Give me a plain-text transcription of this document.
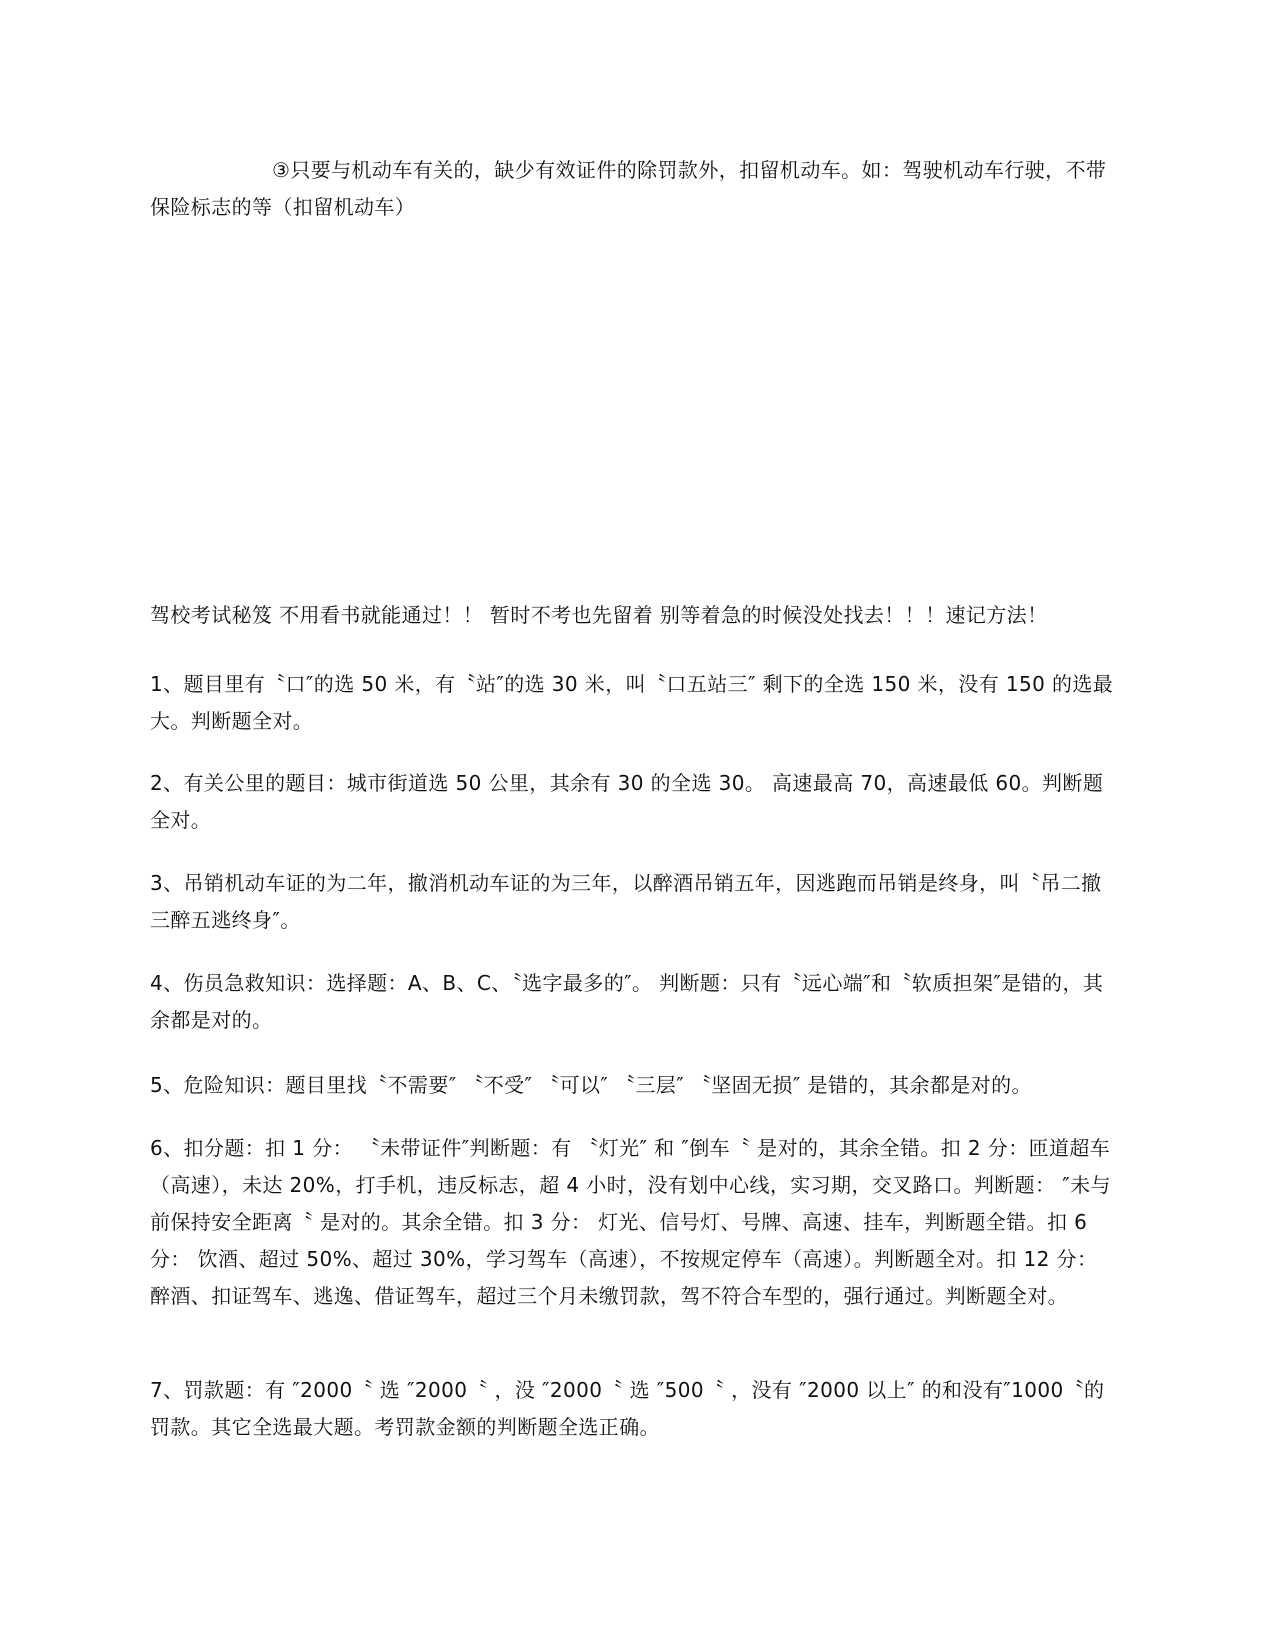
③只要与机动车有关的，缺少有效证件的除罚款外，扣留机动车。如：驾驶机动车行驶，不带保险标志的等（扣留机动车）

驾校考试秘笈 不用看书就能通过！！ 暂时不考也先留着 别等着急的时候没处找去！！！速记方法！

1、题目里有〝口″的选 50 米，有〝站″的选 30 米，叫〝口五站三″ 剩下的全选 150 米，没有 150 的选最大。判断题全对。

2、有关公里的题目：城市街道选 50 公里，其余有 30 的全选 30。 高速最高 70，高速最低 60。判断题全对。

3、吊销机动车证的为二年，撤消机动车证的为三年，以醉酒吊销五年，因逃跑而吊销是终身，叫〝吊二撤三醉五逃终身″。

4、伤员急救知识：选择题：A、B、C、〝选字最多的″。 判断题：只有〝远心端″和〝软质担架″是错的，其余都是对的。

5、危险知识：题目里找〝不需要″ 〝不受″ 〝可以″ 〝三层″ 〝坚固无损″ 是错的，其余都是对的。

6、扣分题：扣 1 分： 〝未带证件″判断题：有 〝灯光″ 和 ″倒车〝 是对的，其余全错。扣 2 分：匝道超车（高速），未达 20%，打手机，违反标志，超 4 小时，没有划中心线，实习期，交叉路口。判断题： ″未与前保持安全距离〝 是对的。其余全错。扣 3 分： 灯光、信号灯、号牌、高速、挂车，判断题全错。扣 6 分： 饮酒、超过 50%、超过 30%，学习驾车（高速），不按规定停车（高速）。判断题全对。扣 12 分：醉酒、扣证驾车、逃逸、借证驾车，超过三个月未缴罚款，驾不符合车型的，强行通过。判断题全对。

7、罚款题：有 ″2000〝 选 ″2000〝 ，没 ″2000〝 选 ″500〝 ，没有 ″2000 以上″ 的和没有″1000〝的罚款。其它全选最大题。考罚款金额的判断题全选正确。
